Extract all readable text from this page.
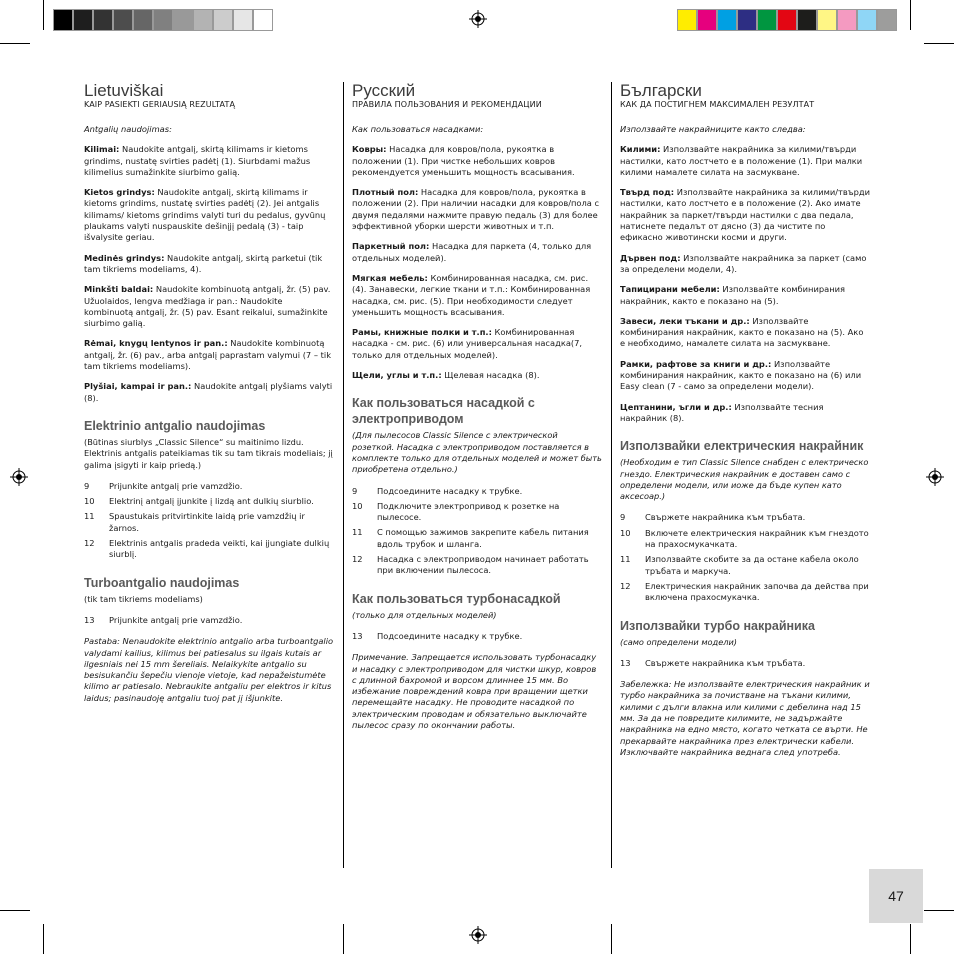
Lietuviškai
KAIP PASIEKTI GERIAUSIĄ REZULTATĄ

Antgalių naudojimas:

Kilimai: Naudokite antgalį, skirtą kilimams ir kietoms grindims, nustatę svirties padėtį (1). Siurbdami mažus kilimelius sumažinkite siurbimo galią.

Kietos grindys: Naudokite antgalį, skirtą kilimams ir kietoms grindims, nustatę svirties padėtį (2). Jei antgalis kilimams/ kietoms grindims valyti turi du pedalus, gyvūnų plaukams valyti nuspauskite dešinįjį pedalą (3) - taip išvalysite geriau.

Medinės grindys: Naudokite antgalį, skirtą parketui (tik tam tikriems modeliams, 4).

Minkšti baldai: Naudokite kombinuotą antgalį, žr. (5) pav. Užuolaidos, lengva medžiaga ir pan.: Naudokite kombinuotą antgalį, žr. (5) pav. Esant reikalui, sumažinkite siurbimo galią.

Rėmai, knygų lentynos ir pan.: Naudokite kombinuotą antgalį, žr. (6) pav., arba antgalį paprastam valymui (7 – tik tam tikriems modeliams).

Plyšiai, kampai ir pan.: Naudokite antgalį plyšiams valyti (8).

Elektrinio antgalio naudojimas
(Būtinas siurblys „Classic Silence“ su maitinimo lizdu. Elektrinis antgalis pateikiamas tik su tam tikrais modeliais; jį galima įsigyti ir kaip priedą.)
9	Prijunkite antgalį prie vamzdžio.
10	Elektrinį antgalį įjunkite į lizdą ant dulkių siurblio.
11	Spaustukais pritvirtinkite laidą prie vamzdžių ir žarnos.
12	Elektrinis antgalis pradeda veikti, kai įjungiate dulkių siurblį.
Turboantgalio naudojimas
(tik tam tikriems modeliams)
13	Prijunkite antgalį prie vamzdžio.

Pastaba: Nenaudokite elektrinio antgalio arba turboantgalio valydami kailius, kilimus bei patiesalus su ilgais kutais ar ilgesniais nei 15 mm šereliais. Nelaikykite antgalio su besisukančiu šepečiu vienoje vietoje, kad nepažeistumėte kilimo ar patiesalo. Nebraukite antgaliu per elektros ir kitus laidus; pasinaudoję antgaliu tuoj pat jį išjunkite.

Русский
ПРАВИЛА ПОЛЬЗОВАНИЯ И РЕКОМЕНДАЦИИ

Как пользоваться насадками:

Ковры: Насадка для ковров/пола, рукоятка в положении (1). При чистке небольших ковров рекомендуется уменьшить мощность всасывания.

Плотный пол: Насадка для ковров/пола, рукоятка в положении (2). При наличии насадки для ковров/пола с двумя педалями нажмите правую педаль (3) для более эффективной уборки шерсти животных и т.п.

Паркетный пол: Насадка для паркета (4, только для отдельных моделей).

Мягкая мебель: Комбинированная насадка, см. рис. (4). Занавески, легкие ткани и т.п.: Комбинированная насадка, см. рис. (5). При необходимости следует уменьшить мощность всасывания.

Рамы, книжные полки и т.п.: Комбинированная насадка - см. рис. (6) или универсальная насадка(7, только для отдельных моделей).

Щели, углы и т.п.: Щелевая насадка (8).

Как пользоваться насадкой с электроприводом
(Для пылесосов Classic Silence с электрической розеткой. Насадка с электроприводом поставляется в комплекте только для отдельных моделей и может быть приобретена отдельно.)
9	Подсоедините насадку к трубке.
10	Подключите электропривод к розетке на пылесосе.
11	С помощью зажимов закрепите кабель питания вдоль трубок и шланга.
12	Насадка с электроприводом начинает работать при включении пылесоса.
Как пользоваться турбонасадкой
(только для отдельных моделей)
13	Подсоедините насадку к трубке.

Примечание. Запрещается использовать турбонасадку и насадку с электроприводом для чистки шкур, ковров с длинной бахромой и ворсом длиннее 15 мм. Во избежание повреждений ковра при вращении щетки перемещайте насадку. Не проводите насадкой по электрическим проводам и обязательно выключайте пылесос сразу по окончании работы.

Български
КАК ДА ПОСТИГНЕМ МАКСИМАЛЕН РЕЗУЛТАТ

Използвайте накрайниците както следва:

Килими: Използвайте накрайника за килими/твърди настилки, като лостчето е в положение (1). При малки килими намалете силата на засмукване.

Твърд под: Използвайте накрайника за килими/твърди настилки, като лостчето е в положение (2). Ако имате накрайник за паркет/твърди настилки с два педала, натиснете педалът от дясно (3) да чистите по ефикасно животински косми и други.

Дървен под: Използвайте накрайника за паркет (само за определени модели, 4).

Тапицирани мебели: Използвайте комбинирания накрайник, както е показано на (5).

Завеси, леки тъкани и др.: Използвайте комбинирания накрайник, както е показано на (5). Ако е необходимо, намалете силата на засмукване.

Рамки, рафтове за книги и др.: Използвайте комбинирания накрайник, както е показано на (6) или Easy clean (7 - само за определени модели).

Цептанини, ъгли и др.: Използвайте тесния накрайник (8).

Използвайки електрическия накрайник
(Необходим е тип Classic Silence снабден с електрическо гнездо. Електрическия накрайник е доставен само с определени модели, или иоже да бъде купен като аксесоар.)
9	Свържете накрайника към тръбата.
10	Включете електрическия накрайник към гнездото на прахосмукачката.
11	Използвайте скобите за да остане кабела около тръбата и маркуча.
12	Електрическия накрайник започва да действа при включена прахосмукачка.
Използвайки турбо накрайника
(само определени модели)
13	Свържете накрайника към тръбата.

Забележка: Не използвайте електрическия накрайник и турбо накрайника за почистване на тъкани килими, килими с дълги влакна или килими с дебелина над 15 мм. За да не повредите килимите, не задържайте накрайника на едно място, когато четката се върти. Не прекарвайте накрайника през електрически кабели. Изключвайте накрайника веднага след употреба.

47
